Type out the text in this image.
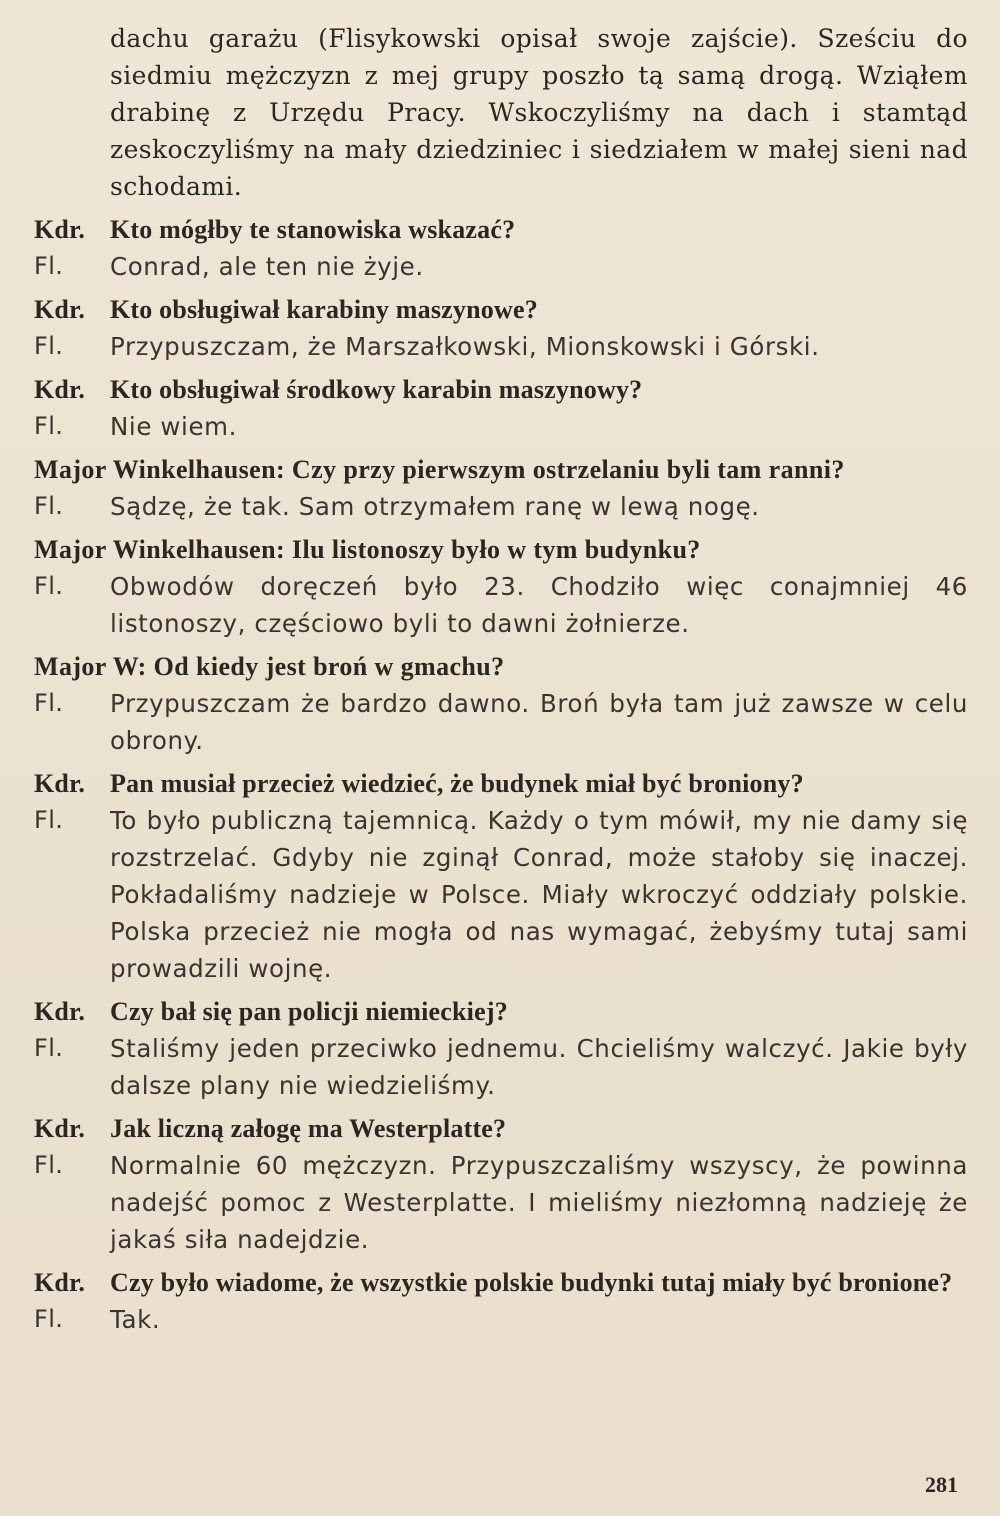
dachu garażu (Flisykowski opisał swoje zajście). Sześciu do siedmiu mężczyzn z mej grupy poszło tą samą drogą. Wziąłem drabinę z Urzędu Pracy. Wskoczyliśmy na dach i stamtąd zeskoczyliśmy na mały dziedziniec i siedziałem w małej sieni nad schodami.
Kdr. Kto mógłby te stanowiska wskazać?
Fl. Conrad, ale ten nie żyje.
Kdr. Kto obsługiwał karabiny maszynowe?
Fl. Przypuszczam, że Marszałkowski, Mionskowski i Górski.
Kdr. Kto obsługiwał środkowy karabin maszynowy?
Fl. Nie wiem.
Major Winkelhausen: Czy przy pierwszym ostrzelaniu byli tam ranni?
Fl. Sądzę, że tak. Sam otrzymałem ranę w lewą nogę.
Major Winkelhausen: Ilu listonoszy było w tym budynku?
Fl. Obwodów doręczeń było 23. Chodziło więc conajmniej 46 listonoszy, częściowo byli to dawni żołnierze.
Major W: Od kiedy jest broń w gmachu?
Fl. Przypuszczam że bardzo dawno. Broń była tam już zawsze w celu obrony.
Kdr. Pan musiał przecież wiedzieć, że budynek miał być broniony?
Fl. To było publiczną tajemnicą. Każdy o tym mówił, my nie damy się rozstrzelać. Gdyby nie zginął Conrad, może stałoby się inaczej. Pokładaliśmy nadzieje w Polsce. Miały wkroczyć oddziały polskie. Polska przecież nie mogła od nas wymagać, żebyśmy tutaj sami prowadzili wojnę.
Kdr. Czy bał się pan policji niemieckiej?
Fl. Staliśmy jeden przeciwko jednemu. Chcieliśmy walczyć. Jakie były dalsze plany nie wiedzieliśmy.
Kdr. Jak liczną załogę ma Westerplatte?
Fl. Normalnie 60 mężczyzn. Przypuszczaliśmy wszyscy, że powinna nadejść pomoc z Westerplatte. I mieliśmy niezłomną nadzieję że jakaś siła nadejdzie.
Kdr. Czy było wiadome, że wszystkie polskie budynki tutaj miały być bronione?
Fl. Tak.
281
